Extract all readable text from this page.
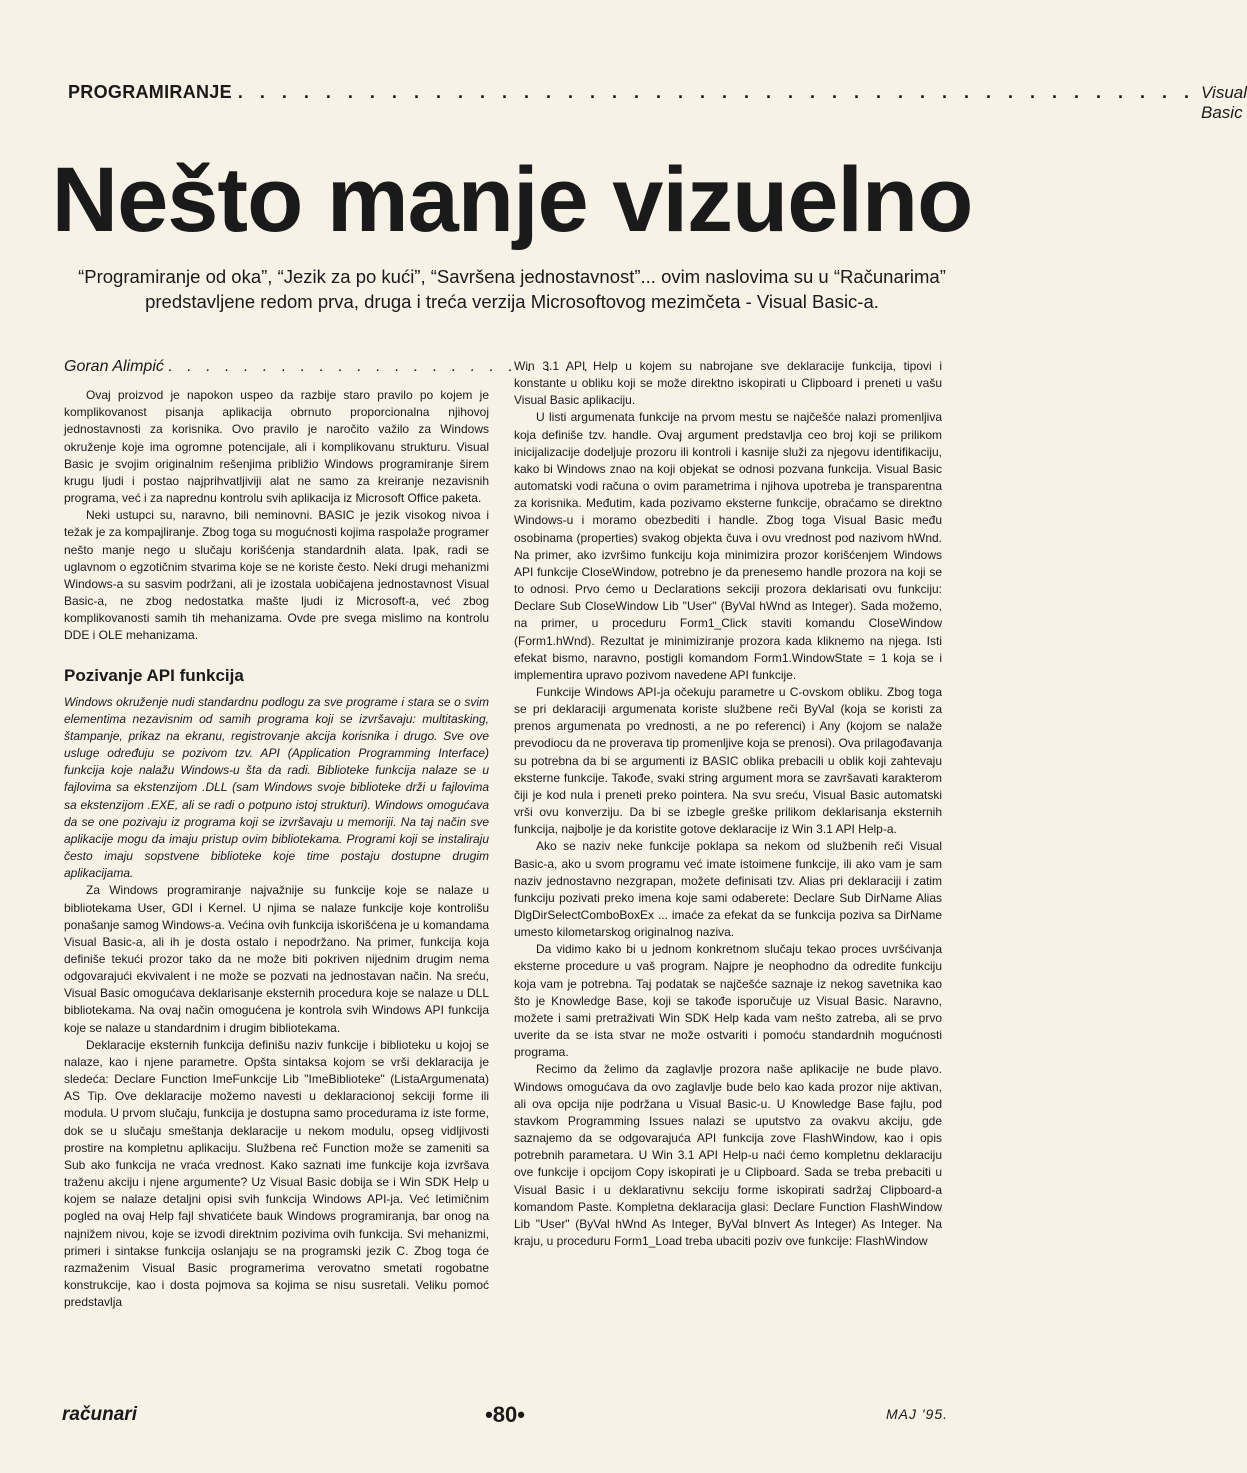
PROGRAMIRANJE . . . . . . . . . . . . . . . . . . . . . . . . . . . . . . . . . . . . . . . . . . . . Visual Basic
Nešto manje vizuelno

“Programiranje od oka”, “Jezik za po kući”, “Savršena jednostavnost”... ovim naslovima su u “Računarima” predstavljene redom prva, druga i treća verzija Microsoftovog mezimčeta - Visual Basic-a.

Goran Alimpić . . . . . . . . . . . . . . . . . . . . . . .

Ovaj proizvod je napokon uspeo da razbije staro pravilo po kojem je komplikovanost pisanja aplikacija obrnuto proporcionalna njihovoj jednostavnosti za korisnika. Ovo pravilo je naročito važilo za Windows okruženje koje ima ogromne potencijale, ali i komplikovanu strukturu. Visual Basic je svojim originalnim rešenjima približio Windows programiranje širem krugu ljudi i postao najprihvatljiviji alat ne samo za kreiranje nezavisnih programa, već i za naprednu kontrolu svih aplikacija iz Microsoft Office paketa.

Neki ustupci su, naravno, bili neminovni. BASIC je jezik visokog nivoa i težak je za kompajliranje. Zbog toga su mogućnosti kojima raspolaže programer nešto manje nego u slučaju korišćenja standardnih alata. Ipak, radi se uglavnom o egzotičnim stvarima koje se ne koriste često. Neki drugi mehanizmi Windows-a su sasvim podržani, ali je izostala uobičajena jednostavnost Visual Basic-a, ne zbog nedostatka maštе ljudi iz Microsoft-a, već zbog komplikovanosti samih tih mehanizama. Ovde pre svega mislimo na kontrolu DDE i OLE mehanizama.

Pozivanje API funkcija

Windows okruženje nudi standardnu podlogu za sve programe i stara se o svim elementima nezavisnim od samih programa koji se izvršavaju: multitasking, štampanje, prikaz na ekranu, registrovanje akcija korisnika i drugo. Sve ove usluge određuju se pozivom tzv. API (Application Programming Interface) funkcija koje nalažu Windows-u šta da radi. Biblioteke funkcija nalaze se u fajlovima sa ekstenzijom .DLL (sam Windows svoje biblioteke drži u fajlovima sa ekstenzijom .EXE, ali se radi o potpuno istoj strukturi). Windows omogućava da se one pozivaju iz programa koji se izvršavaju u memoriji. Na taj način sve aplikacije mogu da imaju pristup ovim bibliotekama. Programi koji se instaliraju često imaju sopstvene biblioteke koje time postaju dostupne drugim aplikacijama.

Za Windows programiranje najvažnije su funkcije koje se nalaze u bibliotekama User, GDI i Kernel. U njima se nalaze funkcije koje kontrolišu ponašanje samog Windows-a. Većina ovih funkcija iskorišćena je u komandama Visual Basic-a, ali ih je dosta ostalo i nepodržano. Na primer, funkcija koja definiše tekući prozor tako da ne može biti pokriven nijednim drugim nema odgovarajući ekvivalent i ne može se pozvati na jednostavan način. Na sreću, Visual Basic omogućava deklarisanje eksternih procedura koje se nalaze u DLL bibliotekama. Na ovaj način omogućena je kontrola svih Windows API funkcija koje se nalaze u standardnim i drugim bibliotekama.

Deklaracije eksternih funkcija definišu naziv funkcije i biblioteku u kojoj se nalaze, kao i njene parametre. Opšta sintaksa kojom se vrši deklaracija je sledeća: Declare Function ImeFunkcije Lib "ImeBiblioteke" (ListaArgumenata) AS Tip. Ove deklaracije možemo navesti u deklaracionoj sekciji forme ili modula. U prvom slučaju, funkcija je dostupna samo procedurama iz iste forme, dok se u slučaju smeštanja deklaracije u nekom modulu, opseg vidljivosti prostire na kompletnu aplikaciju. Službena reč Function može se zameniti sa Sub ako funkcija ne vraća vrednost. Kako saznati ime funkcije koja izvršava traženu akciju i njene argumente? Uz Visual Basic dobija se i Win SDK Help u kojem se nalaze detaljni opisi svih funkcija Windows API-ja. Već letimičnim pogled na ovaj Help fajl shvatićete bauk Windows programiranja, bar onog na najnižem nivou, koje se izvodi direktnim pozivima ovih funkcija. Svi mehanizmi, primeri i sintakse funkcija oslanjaju se na programski jezik C. Zbog toga će razmaženim Visual Basic programerima verovatno smetati rogobatne konstrukcije, kao i dosta pojmova sa kojima se nisu susretali. Veliku pomoć predstavlja

Win 3.1 API Help u kojem su nabrojane sve deklaracije funkcija, tipovi i konstante u obliku koji se može direktno iskopirati u Clipboard i preneti u vašu Visual Basic aplikaciju.

U listi argumenata funkcije na prvom mestu se najčešće nalazi promenljiva koja definiše tzv. handle. Ovaj argument predstavlja ceo broj koji se prilikom inicijalizacije dodeljuje prozoru ili kontroli i kasnije služi za njegovu identifikaciju, kako bi Windows znao na koji objekat se odnosi pozvana funkcija. Visual Basic automatski vodi računa o ovim parametrima i njihova upotreba je transparentna za korisnika. Međutim, kada pozivamo eksterne funkcije, obraćamo se direktno Windows-u i moramo obezbediti i handle. Zbog toga Visual Basic među osobinama (properties) svakog objekta čuva i ovu vrednost pod nazivom hWnd. Na primer, ako izvršimo funkciju koja minimizira prozor korišćenjem Windows API funkcije CloseWindow, potrebno je da prenesemo handle prozora na koji se to odnosi. Prvo ćemo u Declarations sekciji prozora deklarisati ovu funkciju: Declare Sub CloseWindow Lib "User" (ByVal hWnd as Integer). Sada možemo, na primer, u proceduru Form1_Click staviti komandu CloseWindow (Form1.hWnd). Rezultat je minimiziranje prozora kada kliknemo na njega. Isti efekat bismo, naravno, postigli komandom Form1.WindowState = 1 koja se i implementira upravo pozivom navedene API funkcije.

Funkcije Windows API-ja očekuju parametre u C-ovskom obliku. Zbog toga se pri deklaraciji argumenata koriste službene reči ByVal (koja se koristi za prenos argumenata po vrednosti, a ne po referenci) i Any (kojom se nalaže prevodiocu da ne proverava tip promenljive koja se prenosi). Ova prilagođavanja su potrebna da bi se argumenti iz BASIC oblika prebacili u oblik koji zahtevaju eksterne funkcije. Takođe, svaki string argument mora se završavati karakterom čiji je kod nula i preneti preko pointera. Na svu sreću, Visual Basic automatski vrši ovu konverziju. Da bi se izbegle greške prilikom deklarisanja eksternih funkcija, najbolje je da koristite gotove deklaracije iz Win 3.1 API Help-a.

Ako se naziv neke funkcije poklapa sa nekom od službenih reči Visual Basic-a, ako u svom programu već imate istoimene funkcije, ili ako vam je sam naziv jednostavno nezgrapan, možete definisati tzv. Alias pri deklaraciji i zatim funkciju pozivati preko imena koje sami odaberete: Declare Sub DirName Alias DlgDirSelectComboBoxEx ... imaće za efekat da se funkcija poziva sa DirName umesto kilometarskog originalnog naziva.

Da vidimo kako bi u jednom konkretnom slučaju tekao proces uvršćivanja eksterne procedure u vaš program. Najpre je neophodno da odredite funkciju koja vam je potrebna. Taj podatak se najčešće saznaje iz nekog savetnika kao što je Knowledge Base, koji se takođe isporučuje uz Visual Basic. Naravno, možete i sami pretraživati Win SDK Help kada vam nešto zatreba, ali se prvo uverite da se ista stvar ne može ostvariti i pomoću standardnih mogućnosti programa.

Recimo da želimo da zaglavlje prozora naše aplikacije ne bude plavo. Windows omogućava da ovo zaglavlje bude belo kao kada prozor nije aktivan, ali ova opcija nije podržana u Visual Basic-u. U Knowledge Base fajlu, pod stavkom Programming Issues nalazi se uputstvo za ovakvu akciju, gde saznajemo da se odgovarajuća API funkcija zove FlashWindow, kao i opis potrebnih parametara. U Win 3.1 API Help-u naći ćemo kompletnu deklaraciju ove funkcije i opcijom Copy iskopirati je u Clipboard. Sada se treba prebaciti u Visual Basic i u deklarativnu sekciju forme iskopirati sadržaj Clipboard-a komandom Paste. Kompletna deklaracija glasi: Declare Function FlashWindow Lib "User" (ByVal hWnd As Integer, ByVal bInvert As Integer) As Integer. Na kraju, u proceduru Form1_Load treba ubaciti poziv ove funkcije: FlashWindow

računari	•80•	MAJ '95.
